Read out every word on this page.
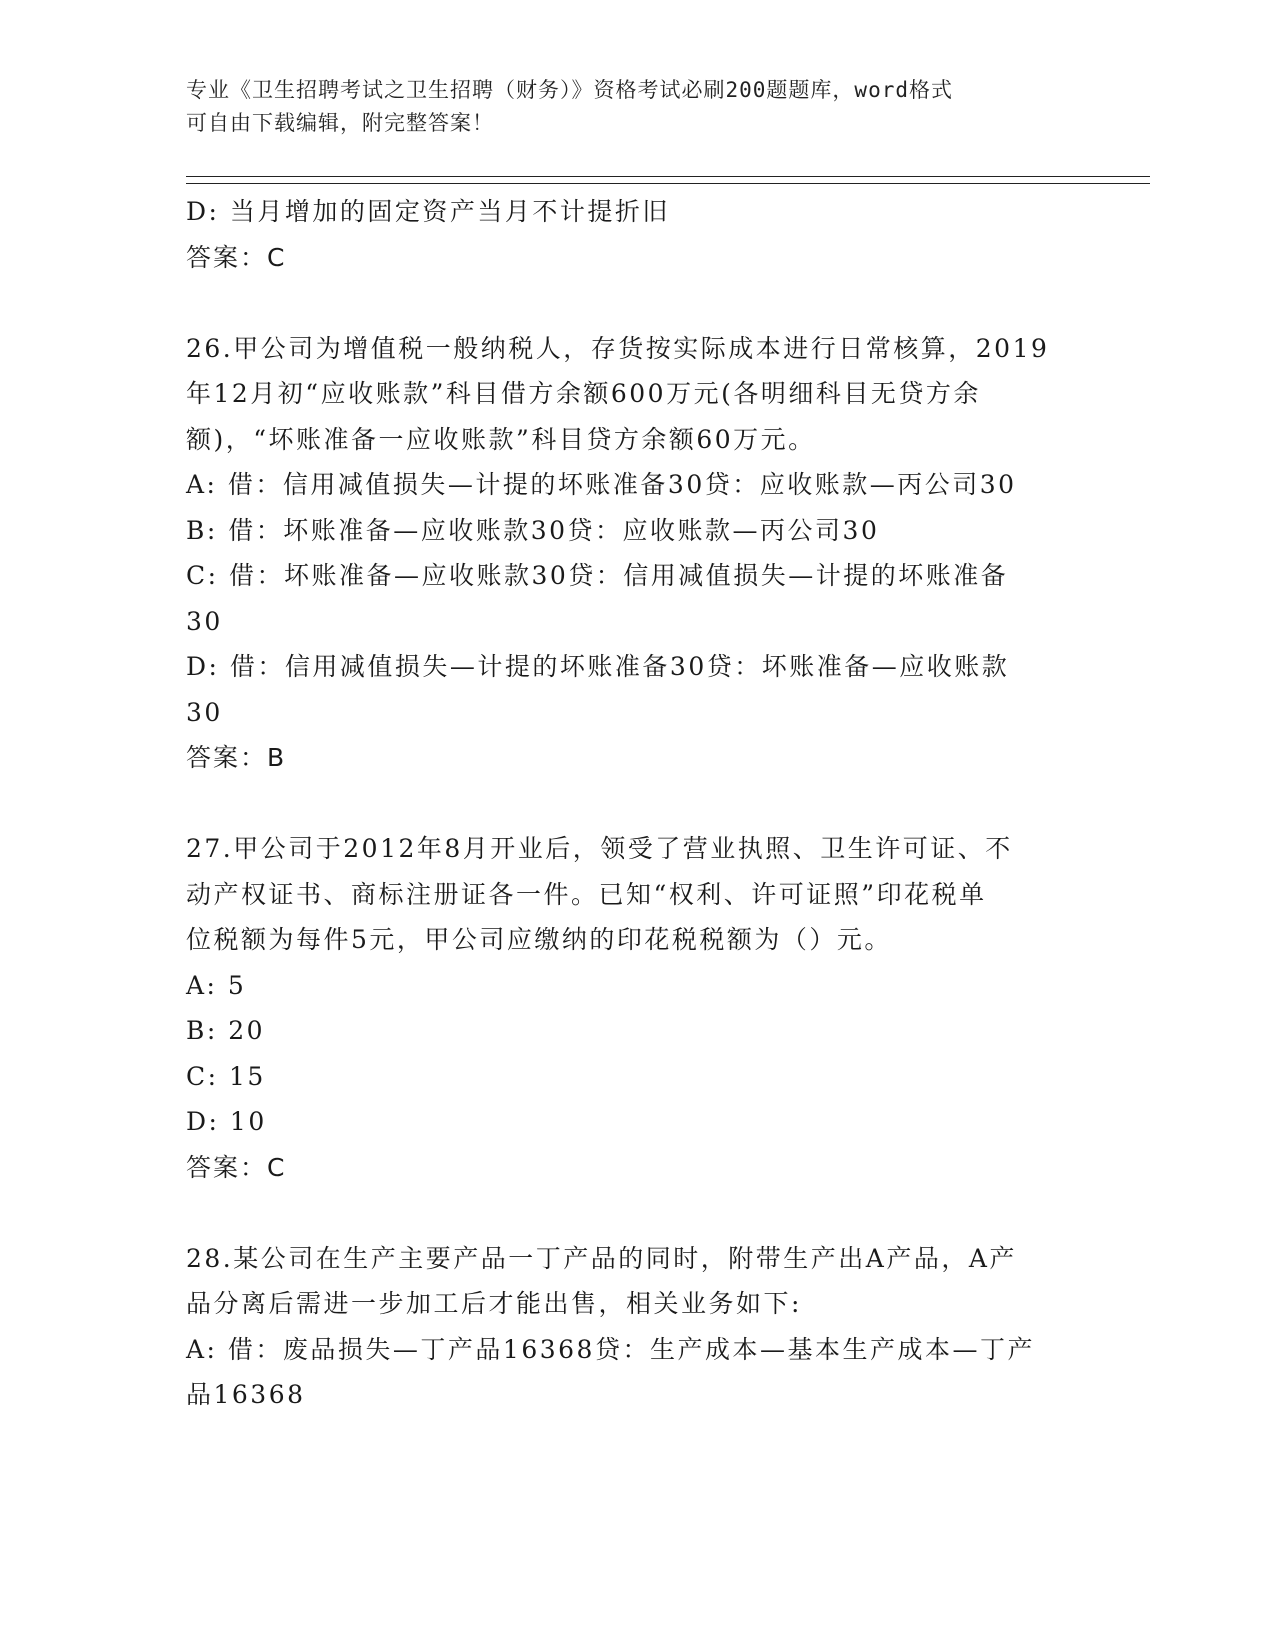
专业《卫生招聘考试之卫生招聘（财务）》资格考试必刷200题题库，word格式
可自由下载编辑，附完整答案！
D: 当月增加的固定资产当月不计提折旧
答案：C
26.甲公司为增值税一般纳税人，存货按实际成本进行日常核算，2019
年12月初“应收账款”科目借方余额600万元(各明细科目无贷方余
额)，“坏账准备一应收账款”科目贷方余额60万元。
A: 借：信用减值损失—计提的坏账准备30贷：应收账款—丙公司30
B: 借：坏账准备—应收账款30贷：应收账款—丙公司30
C: 借：坏账准备—应收账款30贷：信用减值损失—计提的坏账准备
30
D: 借：信用减值损失—计提的坏账准备30贷：坏账准备—应收账款
30
答案：B
27.甲公司于2012年8月开业后，领受了营业执照、卫生许可证、不
动产权证书、商标注册证各一件。已知“权利、许可证照”印花税单
位税额为每件5元，甲公司应缴纳的印花税税额为（）元。
A: 5
B: 20
C: 15
D: 10
答案：C
28.某公司在生产主要产品一丁产品的同时，附带生产出A产品，A产
品分离后需进一步加工后才能出售，相关业务如下:
A: 借：废品损失—丁产品16368贷：生产成本—基本生产成本—丁产
品16368
